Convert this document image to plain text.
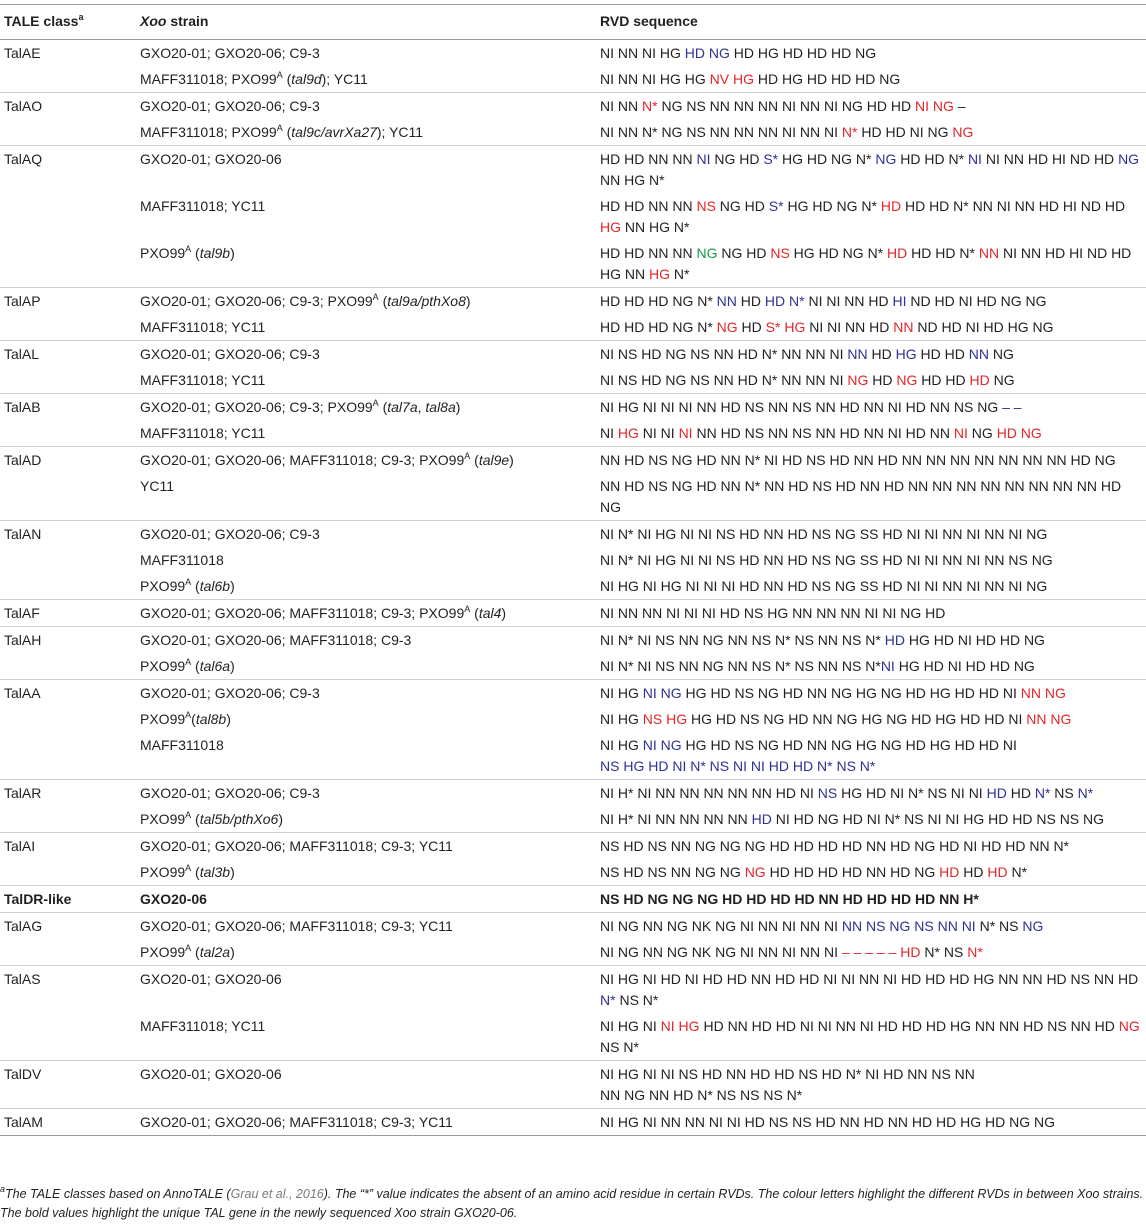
TALE class$^a$	Xoo strain	RVD sequence
TalAE	GXO20-01; GXO20-06; C9-3	NI NN NI HG HD NG HD HG HD HD HD NG
	MAFF311018; $PXO99^A$ (tal9d); YC11	NI NN NI HG HG NV HG HD HG HD HD HD NG
TalAO	GXO20-01; GXO20-06; C9-3	NI NN N* NG NS NN NN NN NI NN NI NG HD HD NI NG –
	MAFF311018; $PXO99^A$ (tal9c/avrXa27); YC11	NI NN N* NG NS NN NN NN NI NN NI N* HD HD NI NG NG
TalAQ	GXO20-01; GXO20-06	HD HD NN NN NI NG HD S* HG HD NG N* NG HD HD N* NI NI NN HD HI ND HD NG NN HG N*
	MAFF311018; YC11	HD HD NN NN NS NG HD S* HG HD NG N* HD HD HD N* NN NI NN HD HI ND HD HG NN HG N*
	$PXO99^A$ (tal9b)	HD HD NN NN NG NG HD NS HG HD NG N* HD HD HD N* NN NI NN HD HI ND HD HG NN HG N*
TalAP	GXO20-01; GXO20-06; C9-3; $PXO99^A$ (tal9a/pthXo8)	HD HD HD NG N* NN HD HD N* NI NI NN HD HI ND HD NI HD NG NG
	MAFF311018; YC11	HD HD HD NG N* NG HD S* HG NI NI NN HD NN ND HD NI HD HG NG
TalAL	GXO20-01; GXO20-06; C9-3	NI NS HD NG NS NN HD N* NN NN NI NN HD HG HD HD NN NG
	MAFF311018; YC11	NI NS HD NG NS NN HD N* NN NN NI NG HD NG HD HD HD NG
TalAB	GXO20-01; GXO20-06; C9-3; $PXO99^A$ (tal7a, tal8a)	NI HG NI NI NI NN HD NS NN NS NN HD NN NI HD NN NS NG – –
	MAFF311018; YC11	NI HG NI NI NI NN HD NS NN NS NN HD NN NI HD NN NI NG HD NG
TalAD	GXO20-01; GXO20-06; MAFF311018; C9-3; $PXO99^A$ (tal9e)	NN HD NS NG HD NN N* NI HD NS HD NN HD NN NN NN NN NN NN NN HD NG
	YC11	NN HD NS NG HD NN N* NN HD NS HD NN HD NN NN NN NN NN NN NN NN HD NG
TalAN	GXO20-01; GXO20-06; C9-3	NI N* NI HG NI NI NS HD NN HD NS NG SS HD NI NI NN NI NN NI NG
	MAFF311018	NI N* NI HG NI NI NS HD NN HD NS NG SS HD NI NI NN NI NN NS NG
	$PXO99^A$ (tal6b)	NI HG NI HG NI NI NI HD NN HD NS NG SS HD NI NI NN NI NN NI NG
TalAF	GXO20-01; GXO20-06; MAFF311018; C9-3; $PXO99^A$ (tal4)	NI NN NN NI NI NI HD NS HG NN NN NN NI NI NG HD
TalAH	GXO20-01; GXO20-06; MAFF311018; C9-3	NI N* NI NS NN NG NN NS N* NS NN NS N* HD HG HD NI HD HD NG
	$PXO99^A$ (tal6a)	NI N* NI NS NN NG NN NS N* NS NN NS N*NI HG HD NI HD HD NG
TalAA	GXO20-01; GXO20-06; C9-3	NI HG NI NG HG HD NS NG HD NN NG HG NG HD HG HD HD NI NN NG
	$PXO99^A(tal8b)$	NI HG NS HG HG HD NS NG HD NN NG HG NG HD HG HD HD NI NN NG
	MAFF311018	NI HG NI NG HG HD NS NG HD NN NG HG NG HD HG HD HD NI
NS HG HD NI N* NS NI NI HD HD N* NS N*
TalAR	GXO20-01; GXO20-06; C9-3	NI H* NI NN NN NN NN NN HD NI NS HG HD NI N* NS NI NI HD HD N* NS N*
	$PXO99^A$ (tal5b/pthXo6)	NI H* NI NN NN NN NN HD NI HD NG HD NI N* NS NI NI HG HD HD NS NS NG
TalAI	GXO20-01; GXO20-06; MAFF311018; C9-3; YC11	NS HD NS NN NG NG NG HD HD HD HD NN HD NG HD NI HD HD NN N*
	$PXO99^A$ (tal3b)	NS HD NS NN NG NG NG HD HD HD HD NN HD NG HD HD HD N*
TalDR-like	GXO20-06	NS HD NG NG NG HD HD HD HD NN HD HD HD HD NN H*
TalAG	GXO20-01; GXO20-06; MAFF311018; C9-3; YC11	NI NG NN NG NK NG NI NN NI NN NI NN NS NG NS NN NI N* NS NG
	$PXO99^A$ (tal2a)	NI NG NN NG NK NG NI NN NI NN NI – – – – – HD N* NS N*
TalAS	GXO20-01; GXO20-06	NI HG NI HD NI HD HD NN HD HD NI NI NN NI HD HD HD HG NN NN HD NS NN HD N* NS N*
	MAFF311018; YC11	NI HG NI NI HG HD NN HD HD NI NI NN NI HD HD HD HG NN NN HD NS NN HD NG NS N*
TalDV	GXO20-01; GXO20-06	NI HG NI NI NS HD NN HD HD NS HD N* NI HD NN NS NN
NN NG NN HD N* NS NS NS N*
TalAM	GXO20-01; GXO20-06; MAFF311018; C9-3; YC11	NI HG NI NN NN NI NI HD NS NS HD NN HD NN HD HD HG HD NG NG
$^a$The TALE classes based on AnnoTALE (Grau et al., 2016). The “*” value indicates the absent of an amino acid residue in certain RVDs. The colour letters highlight the different RVDs in between Xoo strains. The bold values highlight the unique TAL gene in the newly sequenced Xoo strain GXO20-06.
